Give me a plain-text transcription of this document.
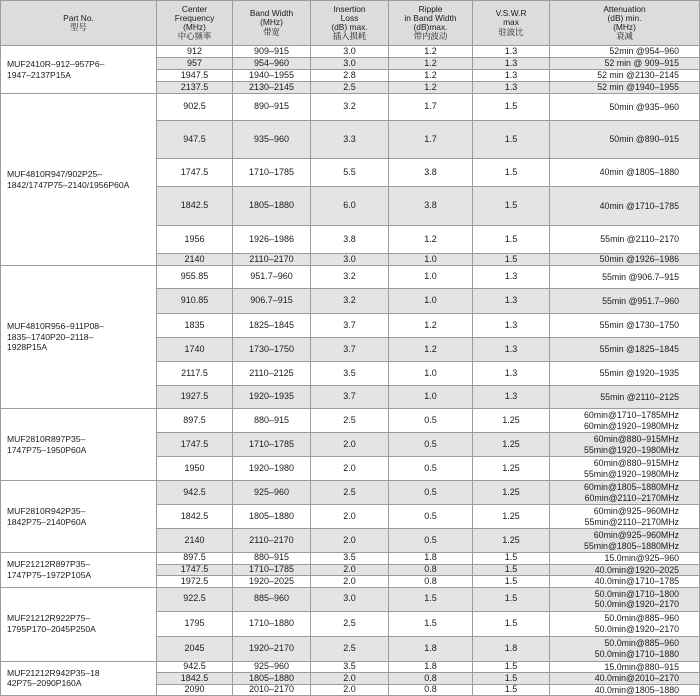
Part No.
型号	Center
Frequency
(MHz)
中心频率	Band Width
(MHz)
带宽	Insertion
Loss
(dB) max.
插入损耗	Ripple
in Band Width
(dB)max.
带内波动	V.S.W.R
max
驻波比	Attenuation
(dB) min.
(MHz)
衰减

MUF2410R–912–957P6–
1947–2137P15A	912	909–915	3.0	1.2	1.3	52min @954–960

	957	954–960	3.0	1.2	1.3	52 min @ 909–915

	1947.5	1940–1955	2.8	1.2	1.3	52 min @2130–2145

	2137.5	2130–2145	2.5	1.2	1.3	52 min @1940–1955

MUF4810R947/902P25–
1842/1747P75–2140/1956P60A	902.5	890–915	3.2	1.7	1.5	50min @935–960

	947.5	935–960	3.3	1.7	1.5	50min @890–915

	1747.5	1710–1785	5.5	3.8	1.5	40min @1805–1880

	1842.5	1805–1880	6.0	3.8	1.5	40min @1710–1785

	1956	1926–1986	3.8	1.2	1.5	55min @2110–2170

	2140	2110–2170	3.0	1.0	1.5	50min @1926–1986

MUF4810R956–911P08–
1835–1740P20–2118–
1928P15A	955.85	951.7–960	3.2	1.0	1.3	55min @906.7–915

	910.85	906.7–915	3.2	1.0	1.3	55min @951.7–960

	1835	1825–1845	3.7	1.2	1.3	55min @1730–1750

	1740	1730–1750	3.7	1.2	1.3	55min @1825–1845

	2117.5	2110–2125	3.5	1.0	1.3	55min @1920–1935

	1927.5	1920–1935	3.7	1.0	1.3	55min @2110–2125

MUF2810R897P35–
1747P75–1950P60A	897.5	880–915	2.5	0.5	1.25	60min@1710–1785MHz
60min@1920–1980MHz

	1747.5	1710–1785	2.0	0.5	1.25	60min@880–915MHz
55min@1920–1980MHz

	1950	1920–1980	2.0	0.5	1.25	60min@880–915MHz
55min@1920–1980MHz

MUF2810R942P35–
1842P75–2140P60A	942.5	925–960	2.5	0.5	1.25	60min@1805–1880MHz
60min@2110–2170MHz

	1842.5	1805–1880	2.0	0.5	1.25	60min@925–960MHz
55min@2110–2170MHz

	2140	2110–2170	2.0	0.5	1.25	60min@925–960MHz
55min@1805–1880MHz

MUF21212R897P35–
1747P75–1972P105A	897.5	880–915	3.5	1.8	1.5	15.0min@925–960

	1747.5	1710–1785	2.0	0.8	1.5	40.0min@1920–2025

	1972.5	1920–2025	2.0	0.8	1.5	40.0min@1710–1785

MUF21212R922P75–
1795P170–2045P250A	922.5	885–960	3.0	1.5	1.5	50.0min@1710–1800
50.0min@1920–2170

	1795	1710–1880	2.5	1.5	1.5	50.0min@885–960
50.0min@1920–2170

	2045	1920–2170	2.5	1.8	1.8	50.0min@885–960
50.0min@1710–1880

MUF21212R942P35–18
42P75–2090P160A	942.5	925–960	3.5	1.8	1.5	15.0min@880–915

	1842.5	1805–1880	2.0	0.8	1.5	40.0min@2010–2170

	2090	2010–2170	2.0	0.8	1.5	40.0min@1805–1880
